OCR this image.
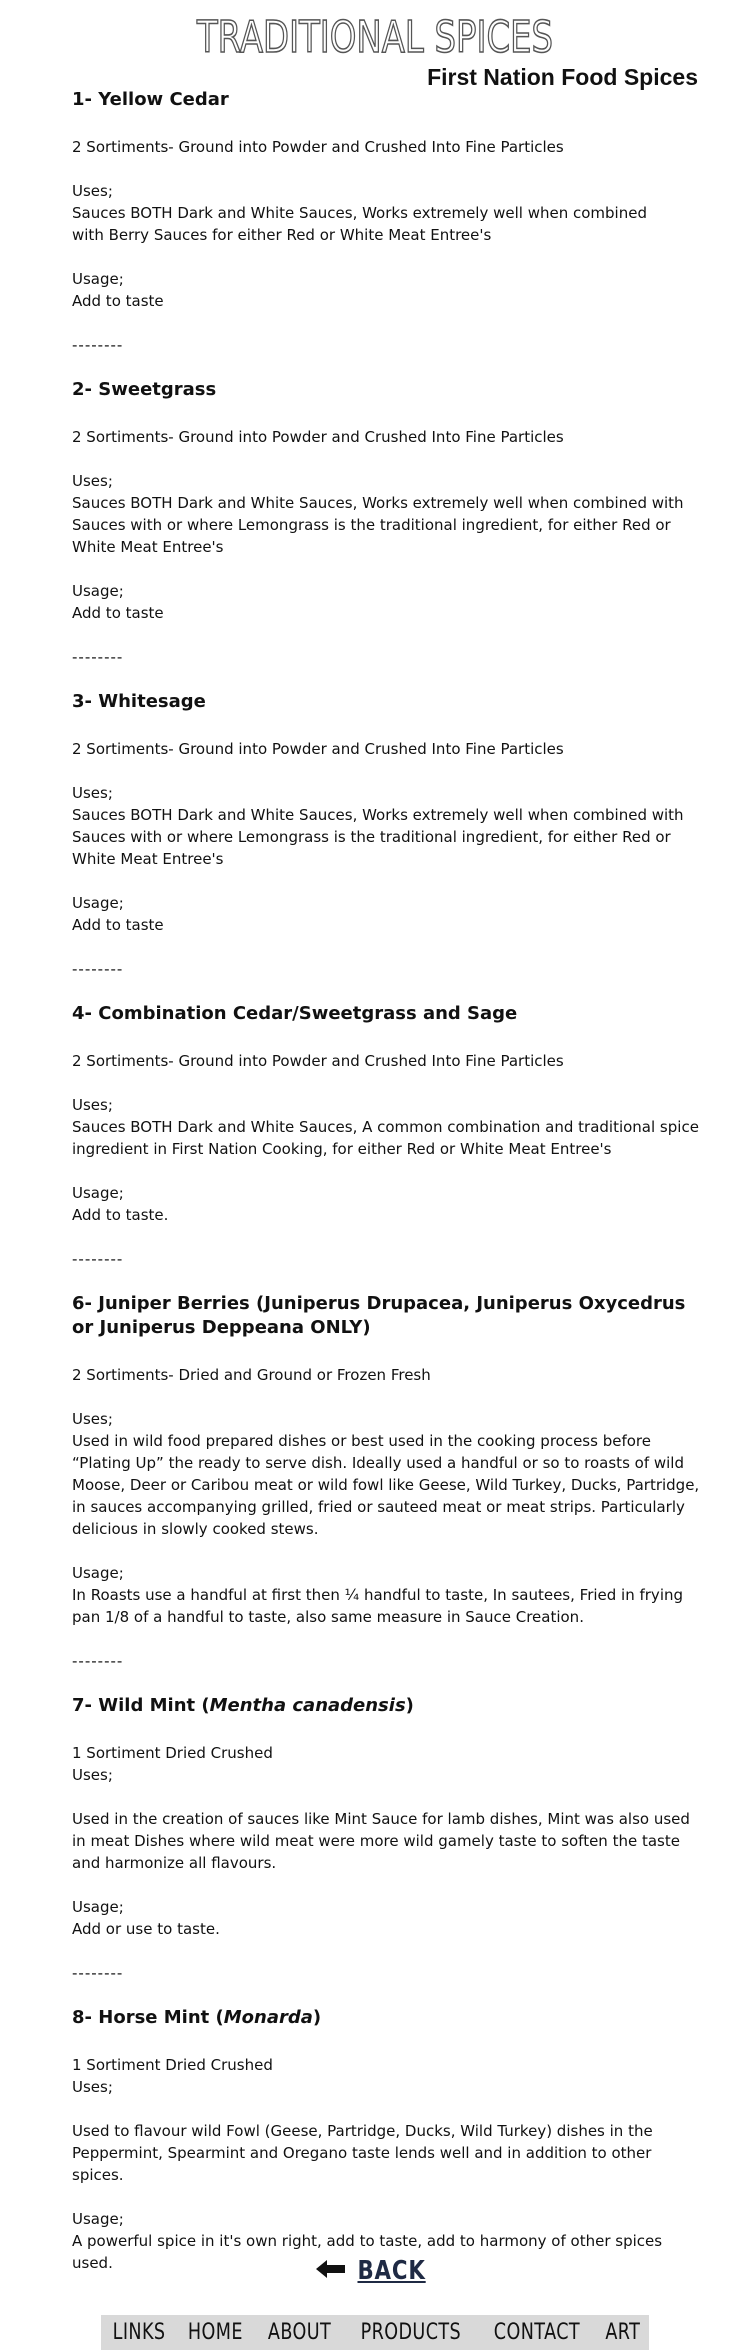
TRADITIONAL SPICES
First Nation Food Spices
1- Yellow Cedar

2 Sortiments- Ground into Powder and Crushed Into Fine Particles

Uses;
Sauces BOTH Dark and White Sauces, Works extremely well when combined
with Berry Sauces for either Red or White Meat Entree's

Usage;
Add to taste

--------

2- Sweetgrass

2 Sortiments- Ground into Powder and Crushed Into Fine Particles

Uses;
Sauces BOTH Dark and White Sauces, Works extremely well when combined with Sauces with or where Lemongrass is the traditional ingredient, for either Red or White Meat Entree's

Usage;
Add to taste

--------

3- Whitesage

2 Sortiments- Ground into Powder and Crushed Into Fine Particles

Uses;
Sauces BOTH Dark and White Sauces, Works extremely well when combined with Sauces with or where Lemongrass is the traditional ingredient, for either Red or White Meat Entree's

Usage;
Add to taste

--------

4- Combination Cedar/Sweetgrass and Sage

2 Sortiments- Ground into Powder and Crushed Into Fine Particles

Uses;
Sauces BOTH Dark and White Sauces, A common combination and traditional spice ingredient in First Nation Cooking, for either Red or White Meat Entree's

Usage;
Add to taste.

--------

6- Juniper Berries (Juniperus Drupacea, Juniperus Oxycedrus or Juniperus Deppeana ONLY)

2 Sortiments- Dried and Ground or Frozen Fresh

Uses;
Used in wild food prepared dishes or best used in the cooking process before “Plating Up” the ready to serve dish. Ideally used a handful or so to roasts of wild Moose, Deer or Caribou meat or wild fowl like Geese, Wild Turkey, Ducks, Partridge, in sauces accompanying grilled, fried or sauteed meat or meat strips. Particularly delicious in slowly cooked stews.

Usage;
In Roasts use a handful at first then ¼ handful to taste, In sautees, Fried in frying pan 1/8 of a handful to taste, also same measure in Sauce Creation.

--------

7- Wild Mint (Mentha canadensis)

1 Sortiment Dried Crushed
Uses;

Used in the creation of sauces like Mint Sauce for lamb dishes, Mint was also used in meat Dishes where wild meat were more wild gamely taste to soften the taste and harmonize all flavours.

Usage;
Add or use to taste.

--------

8- Horse Mint (Monarda)

1 Sortiment Dried Crushed
Uses;

Used to flavour wild Fowl (Geese, Partridge, Ducks, Wild Turkey) dishes in the Peppermint, Spearmint and Oregano taste lends well and in addition to other spices.

Usage;
A powerful spice in it's own right, add to taste, add to harmony of other spices used.	BACK
LINKS HOME ABOUT PRODUCTS CONTACT ART
